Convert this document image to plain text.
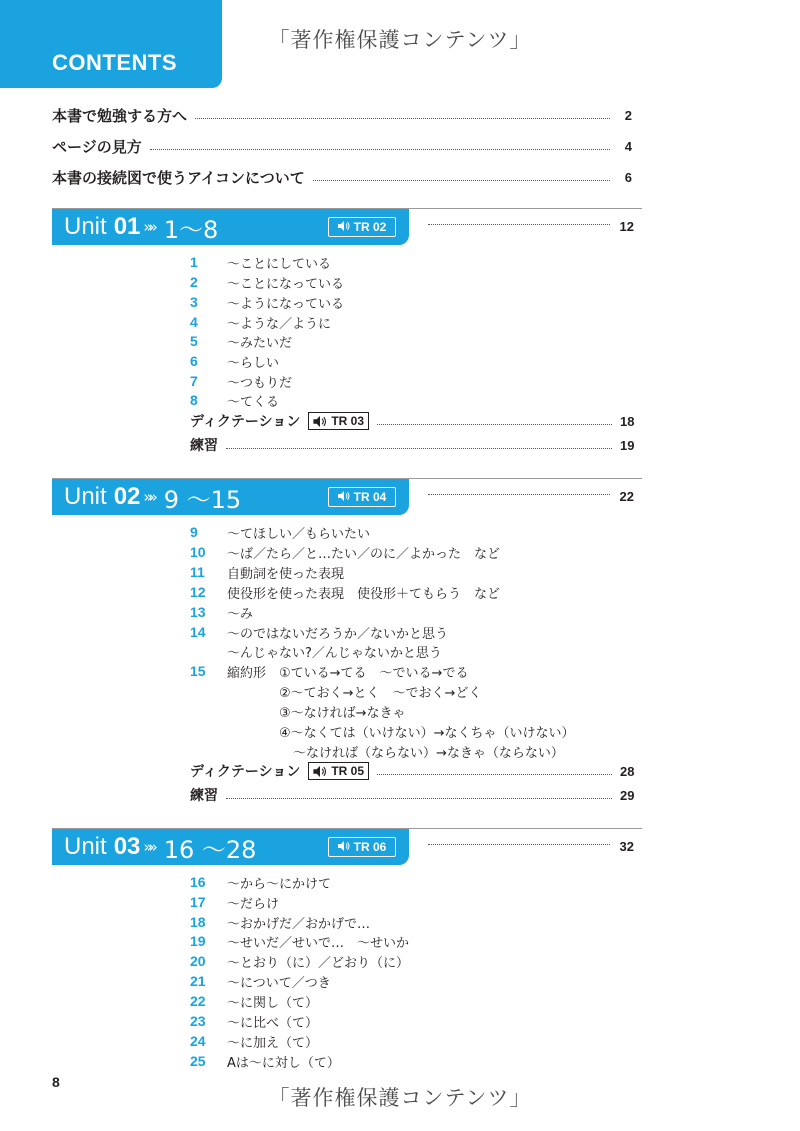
CONTENTS
「著作権保護コンテンツ」
本書で勉強する方へ	2
ページの見方	4
本書の接続図で使うアイコンについて	6
Unit 01 »» 1～8	TR 02	12
1	～ことにしている
2	～ことになっている
3	～ようになっている
4	～ような／ように
5	～みたいだ
6	～らしい
7	～つもりだ
8	～てくる
ディクテーション	TR 03	18
練習	19
Unit 02 »» 9 ～15	TR 04	22
9	～てほしい／もらいたい
10	～ば／たら／と…たい／のに／よかった　など
11	自動詞を使った表現
12	使役形を使った表現　使役形＋てもらう　など
13	～み
14	～のではないだろうか／ないかと思う
～んじゃない?／んじゃないかと思う
15	縮約形　①ている→てる　～でいる→でる
②～ておく→とく　～でおく→どく
③～なければ→なきゃ
④～なくては（いけない）→なくちゃ（いけない）
～なければ（ならない）→なきゃ（ならない）
ディクテーション	TR 05	28
練習	29
Unit 03 »» 16 ～28	TR 06	32
16	～から～にかけて
17	～だらけ
18	～おかげだ／おかげで…
19	～せいだ／せいで…　～せいか
20	～とおり（に）／どおり（に）
21	～について／つき
22	～に関し（て）
23	～に比べ（て）
24	～に加え（て）
25	Aは～に対し（て）
8
「著作権保護コンテンツ」
